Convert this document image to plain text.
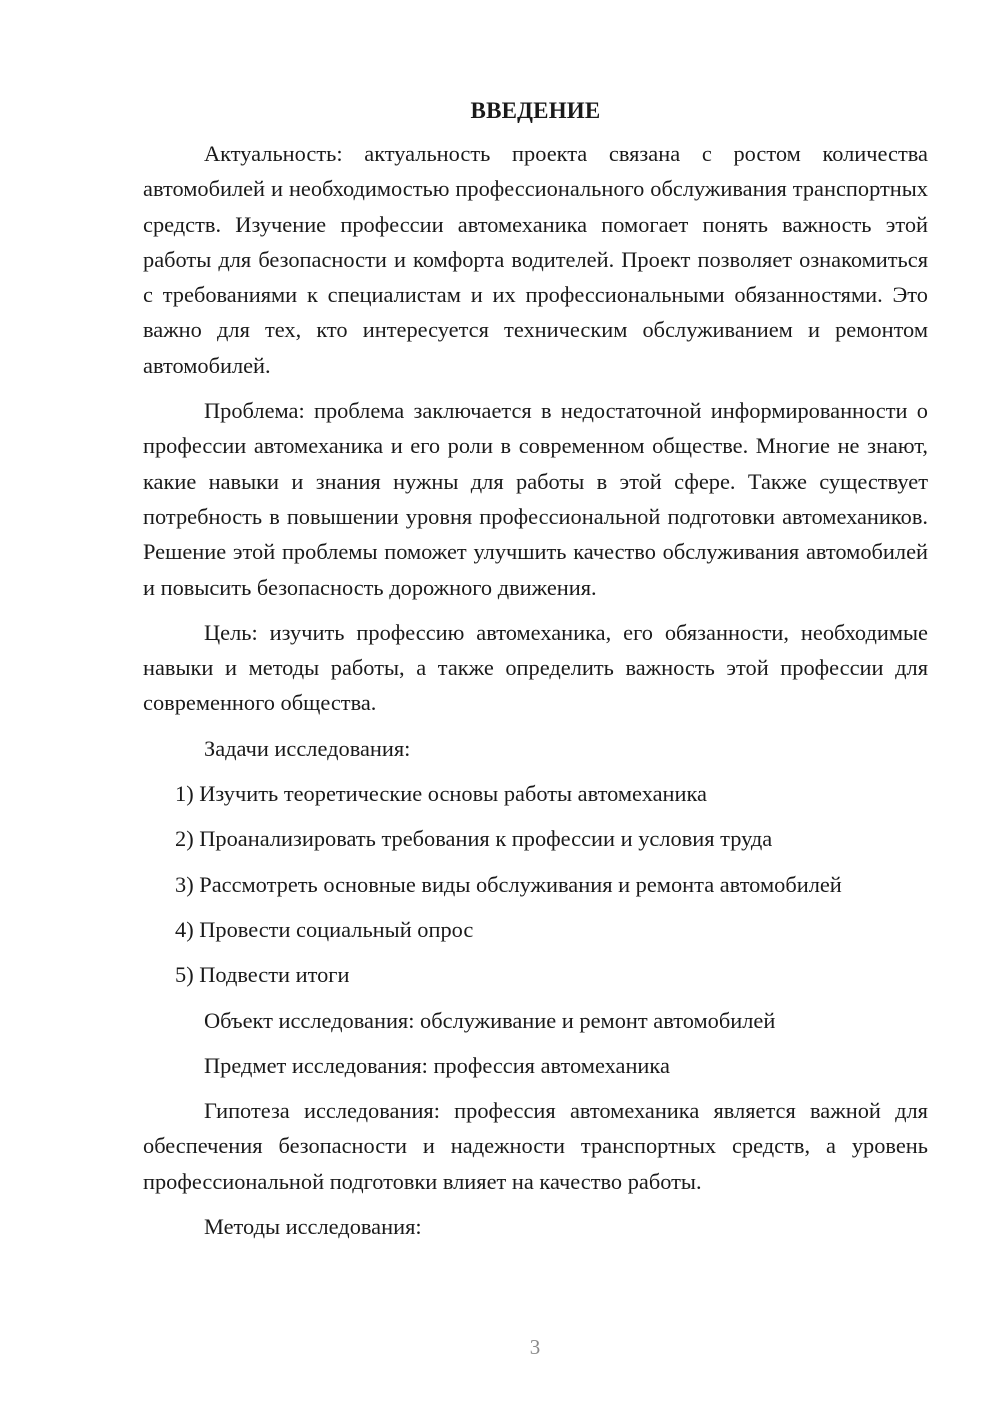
ВВЕДЕНИЕ

Актуальность: актуальность проекта связана с ростом количества автомобилей и необходимостью профессионального обслуживания транспортных средств. Изучение профессии автомеханика помогает понять важность этой работы для безопасности и комфорта водителей. Проект позволяет ознакомиться с требованиями к специалистам и их профессиональными обязанностями. Это важно для тех, кто интересуется техническим обслуживанием и ремонтом автомобилей.

Проблема: проблема заключается в недостаточной информированности о профессии автомеханика и его роли в современном обществе. Многие не знают, какие навыки и знания нужны для работы в этой сфере. Также существует потребность в повышении уровня профессиональной подготовки автомехаников. Решение этой проблемы поможет улучшить качество обслуживания автомобилей и повысить безопасность дорожного движения.

Цель: изучить профессию автомеханика, его обязанности, необходимые навыки и методы работы, а также определить важность этой профессии для современного общества.

Задачи исследования:

1) Изучить теоретические основы работы автомеханика

2) Проанализировать требования к профессии и условия труда

3) Рассмотреть основные виды обслуживания и ремонта автомобилей

4) Провести социальный опрос

5) Подвести итоги

Объект исследования: обслуживание и ремонт автомобилей

Предмет исследования: профессия автомеханика

Гипотеза исследования: профессия автомеханика является важной для обеспечения безопасности и надежности транспортных средств, а уровень профессиональной подготовки влияет на качество работы.

Методы исследования:

3
